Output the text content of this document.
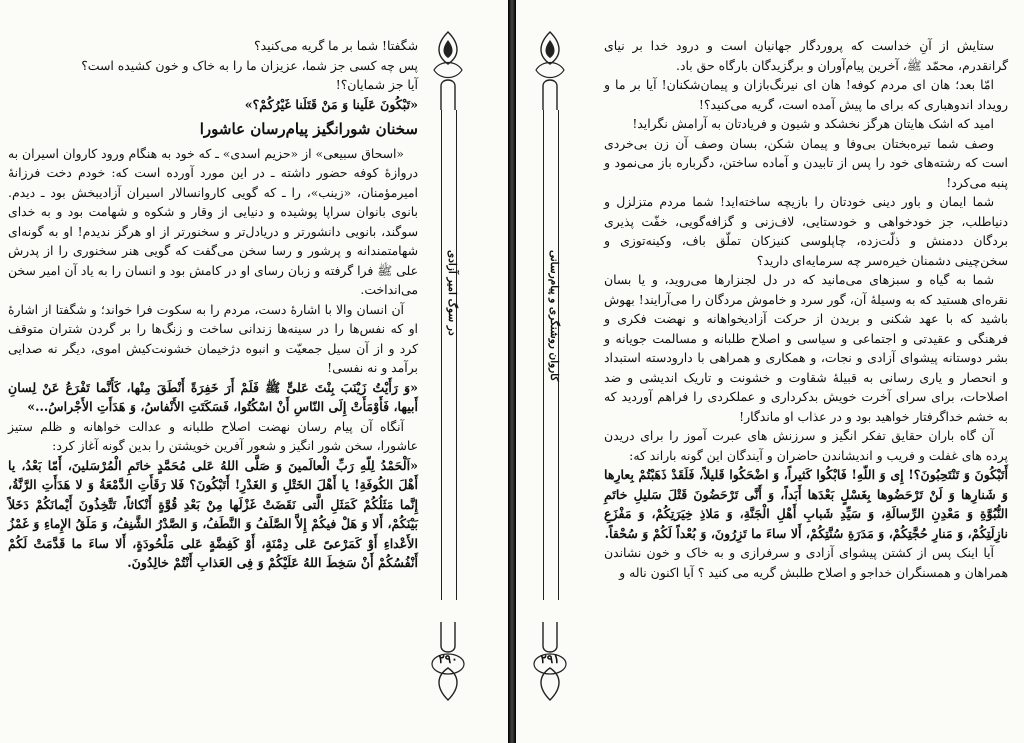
شگفتا! شما بر ما گریه می‌کنید؟

پس چه کسی جز شما، عزیزان ما را به خاک و خون کشیده است؟

آیا جز شمایان؟!

«تَبْکُونَ عَلَینا وَ مَنْ قَتَلَنا غَیْرُکُمْ؟»

سخنان شورانگیز پیام‌رسان عاشورا

«اسحاق سبیعی» از «حزیم اسدی» ـ که خود به هنگام ورود کاروان اسیران به دروازهٔ کوفه حضور داشته ـ در این مورد آورده است که: خودم دخت فرزانهٔ امیرمؤمنان، «زینب»، را ـ که گویی کاروانسالار اسیران آزادیبخش بود ـ دیدم. بانوی بانوان سراپا پوشیده و دنیایی از وقار و شکوه و شهامت بود و به خدای سوگند، بانویی دانشورتر و دریادل‌تر و سخنورتر از او هرگز ندیدم! او به گونه‌ای شهامتمندانه و پرشور و رسا سخن می‌گفت که گویی هنر سخنوری را از پدرش علی ﷺ فرا گرفته و زبان رسای او در کامش بود و انسان را به یاد آن امیر سخن می‌انداخت.

آن انسان والا با اشارهٔ دست، مردم را به سکوت فرا خواند؛ و شگفتا از اشارهٔ او که نفس‌ها را در سینه‌ها زندانی ساخت و زنگ‌ها را بر گردن شتران متوقف کرد و از آن سیل جمعیّت و انبوه دژخیمان خشونت‌کیش اموی، دیگر نه صدایی برآمد و نه نفسی!

«وَ رَأَیْتُ زَیْنَبَ بِنْتَ عَلیٍّ ﷺ فَلَمْ أَرَ خَفِرَةً أَنْطَقَ مِنْها، کَأَنَّما تَفْرَعُ عَنْ لِسانِ أَبیها، فَأَوْمَأَتْ إِلَی النّاسِ أَنْ اسْکُتُوا، فَسَکَتَتِ الأَنْفاسُ، وَ هَدَأَتِ الأَجْراسُ...»

آنگاه آن پیام رسان نهضت اصلاح طلبانه و عدالت خواهانه و ظلم ستیز عاشورا، سخن شور انگیز و شعور آفرین خویشتن را بدین گونه آغاز کرد:

«اَلْحَمْدُ لِلّهِ رَبِّ الْعالَمینَ وَ صَلَّی اللهُ عَلی مُحَمَّدٍ خاتَمِ الْمُرْسَلینَ، أَمّا بَعْدُ، یا أَهْلَ الکُوفَةِ! یا أَهْلَ الخَتْلِ وَ الغَدْرِ! أَتَبْکُونَ؟ فَلا رَقَأَتِ الدَّمْعَةُ وَ لا هَدَأَتِ الرَّنَّةُ، إِنَّما مَثَلُکُمْ کَمَثَلِ الَّتی نَقَضَتْ غَزْلَها مِنْ بَعْدِ قُوَّةٍ أَنْکاثاً، تَتَّخِذُونَ أَیْمانَکُمْ دَخَلاً بَیْنَکُمْ، أَلا وَ هَلْ فیکُمْ إِلاَّ الصَّلَفُ وَ النَّطَفُ، وَ الصَّدْرُ الشَّنِفُ، وَ مَلَقُ الإِماءِ وَ غَمْزُ الأَعْداءِ أَوْ کَمَرْعیً عَلی دِمْنَةٍ، أَوْ کَفِضَّةٍ عَلی مَلْحُودَةٍ، أَلا ساءَ ما قَدَّمَتْ لَکُمْ أَنْفُسُکُمْ أَنْ سَخِطَ اللهُ عَلَیْکُمْ وَ فِی العَذابِ أَنْتُمْ خالِدُونَ.

در سوگ امیر آزادی
۲۹۰
کاروان روشنگری و پیام‌رسانی
۲۹۱

ستایش از آنِ خداست که پروردگار جهانیان است و درود خدا بر نیای گرانقدرم، محمّد ﷺ، آخرین پیام‌آوران و برگزیدگان بارگاه حق باد.

امّا بعد؛ هان ای مردم کوفه! هان ای نیرنگ‌بازان و پیمان‌شکنان! آیا بر ما و رویداد اندوهباری که برای ما پیش آمده است، گریه می‌کنید؟!

امید که اشک هایتان هرگز نخشکد و شیون و فریادتان به آرامش نگراید!

وصف شما تیره‌بختان بی‌وفا و پیمان شکن، بسان وصف آن زن بی‌خردی است که رشته‌های خود را پس از تابیدن و آماده ساختن، دگرباره باز می‌نمود و پنبه می‌کرد!

شما ایمان و باور دینی خودتان را بازیچه ساخته‌اید! شما مردم متزلزل و دنیاطلب، جز خودخواهی و خودستایی، لاف‌زنی و گزافه‌گویی، خفّت پذیری بردگان ددمنش و ذلّت‌زده، چاپلوسی کنیزکان تملّق باف، وکینه‌توزی و سخن‌چینی دشمنان خیره‌سر چه سرمایه‌ای دارید؟

شما به گیاه و سبزهای می‌مانید که در دل لجنزارها می‌روید، و یا بسان نقره‌ای هستید که به وسیلهٔ آن، گور سرد و خاموش مردگان را می‌آرایند! بهوش باشید که با عهد شکنی و بریدن از حرکت آزادیخواهانه و نهضت فکری و فرهنگی و عقیدتی و اجتماعی و سیاسی و اصلاح طلبانه و مسالمت جویانه و بشر دوستانه پیشوای آزادی و نجات، و همکاری و همراهی با دارودسته استبداد و انحصار و یاری رسانی به قبیلهٔ شقاوت و خشونت و تاریک اندیشی و ضد اصلاحات، برای سرای آخرت خویش بدکرداری و عملکردی را فراهم آوردید که به خشم خداگرفتار خواهید بود و در عذاب او ماندگار!

آن گاه باران حقایق تفکر انگیز و سرزنش های عبرت آموز را برای دریدن پرده های غفلت و فریب و اندیشاندن حاضران و آیندگان این گونه باراند که:

أَتَبْکُونَ وَ تَنْتَحِبُونَ؟! إِی وَ اللّهِ! فَابْکُوا کَثیراً، وَ اضْحَکُوا قَلیلاً، فَلَقَدْ ذَهَبْتُمْ بِعارِها وَ شَنارِها وَ لَنْ تَرْحَضُوها بِغَسْلٍ بَعْدَها أَبَداً، وَ أَنَّی تَرْحَضُونَ قَتْلَ سَلیلِ خاتَمِ النُّبُوَّةِ وَ مَعْدِنِ الرِّسالَةِ، وَ سَیِّدِ شَبابِ أَهْلِ الْجَنَّةِ، وَ مَلاذِ خِیَرَتِکُمْ، وَ مَفْزَعِ نازِلَتِکُمْ، وَ مَنارِ حُجَّتِکُمْ، وَ مَدَرَةِ سُنَّتِکُمْ، أَلا ساءَ ما تَزِرُونَ، وَ بُعْداً لَکُمْ وَ سُحْقاً.

آیا اینک پس از کشتن پیشوای آزادی و سرفرازی و به خاک و خون نشاندن همراهان و همسنگران خداجو و اصلاح طلبش گریه می کنید ؟ آیا اکنون ناله و
